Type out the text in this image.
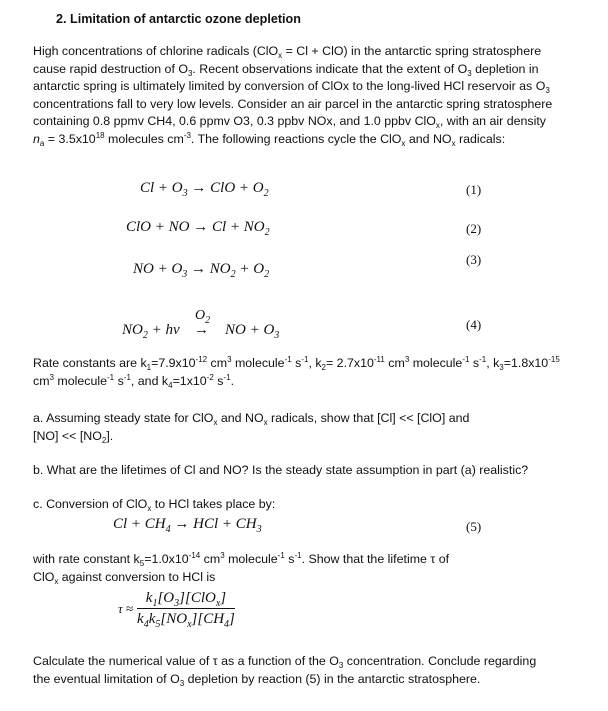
2. Limitation of antarctic ozone depletion
High concentrations of chlorine radicals (ClO$_x$ = Cl + ClO) in the antarctic spring stratosphere
cause rapid destruction of $O_3$. Recent observations indicate that the extent of $O_3$ depletion in
antarctic spring is ultimately limited by conversion of ClOx to the long-lived HCl reservoir as $O_3$
concentrations fall to very low levels. Consider an air parcel in the antarctic spring stratosphere
containing 0.8 ppmv CH4, 0.6 ppmv O3, 0.3 ppbv NOx, and 1.0 ppbv ClO$_x$, with an air density
$n_a = 3.5x10^{18}$ molecules $cm^{-3}$. The following reactions cycle the ClO$_x$ and $NO_x$ radicals:
$Cl + O_3$ → ClO + $O_2$	(1)
ClO + NO → $Cl + NO_2$	(2)
NO + $O_3 \to NO_2 + O_2$
(3)
$NO_2$ + hv
$O_2$
→ NO + $O_3$
(4)
Rate constants are $k_1=7.9x10^{-12}$ $cm^3$ molecule$^{-1}$ $s^{-1}$, $k_2= 2.7x10^{-11}$ $cm^3$ molecule$^{-1}$ $s^{-1}$, $k_3=1.8x10^{-15}$
$cm^3$ molecule$^{-1}$ $s^{-1}$, and $k_4=1x10^{-2}$ $s^{-1}$.
a. Assuming steady state for ClO$_x$ and $NO_x$ radicals, show that [Cl] << [ClO] and
$[NO] << [NO_2]$.
b. What are the lifetimes of Cl and NO? Is the steady state assumption in part (a) realistic?
c. Conversion of ClO$_x$ to HCl takes place by:
$Cl + CH_4$ → HCl + $CH_3$	(5)
with rate constant $k_5=1.0x10^{-14}$ $cm^3$ molecule$^{-1}$ $s^{-1}$. Show that the lifetime τ of
ClO$_x$ against conversion to HCl is
$\tau \approx \frac{k_1[O_3][ClO_x]}{k_4k_5[NO_x][CH_4]}$
Calculate the numerical value of τ as a function of the $O_3$ concentration. Conclude regarding
the eventual limitation of $O_3$ depletion by reaction (5) in the antarctic stratosphere.
